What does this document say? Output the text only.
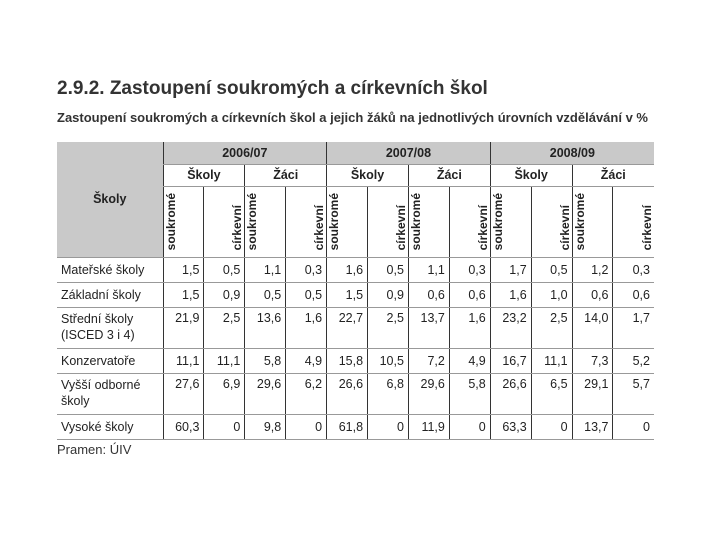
2.9.2. Zastoupení soukromých a církevních škol
Zastoupení soukromých a církevních škol a jejich žáků na jednotlivých úrovních vzdělávání v %
Školy	2006/07				2007/08				2008/09			
	Školy		Žáci		Školy		Žáci		Školy		Žáci	
	soukromé	církevní	soukromé	církevní	soukromé	církevní	soukromé	církevní	soukromé	církevní	soukromé	církevní
Mateřské školy	1,5	0,5	1,1	0,3	1,6	0,5	1,1	0,3	1,7	0,5	1,2	0,3
Základní školy	1,5	0,9	0,5	0,5	1,5	0,9	0,6	0,6	1,6	1,0	0,6	0,6
Střední školy (ISCED 3 i 4)	21,9	2,5	13,6	1,6	22,7	2,5	13,7	1,6	23,2	2,5	14,0	1,7
Konzervatoře	11,1	11,1	5,8	4,9	15,8	10,5	7,2	4,9	16,7	11,1	7,3	5,2
Vyšší odborné školy	27,6	6,9	29,6	6,2	26,6	6,8	29,6	5,8	26,6	6,5	29,1	5,7
Vysoké školy	60,3	0	9,8	0	61,8	0	11,9	0	63,3	0	13,7	0
Pramen: ÚIV
